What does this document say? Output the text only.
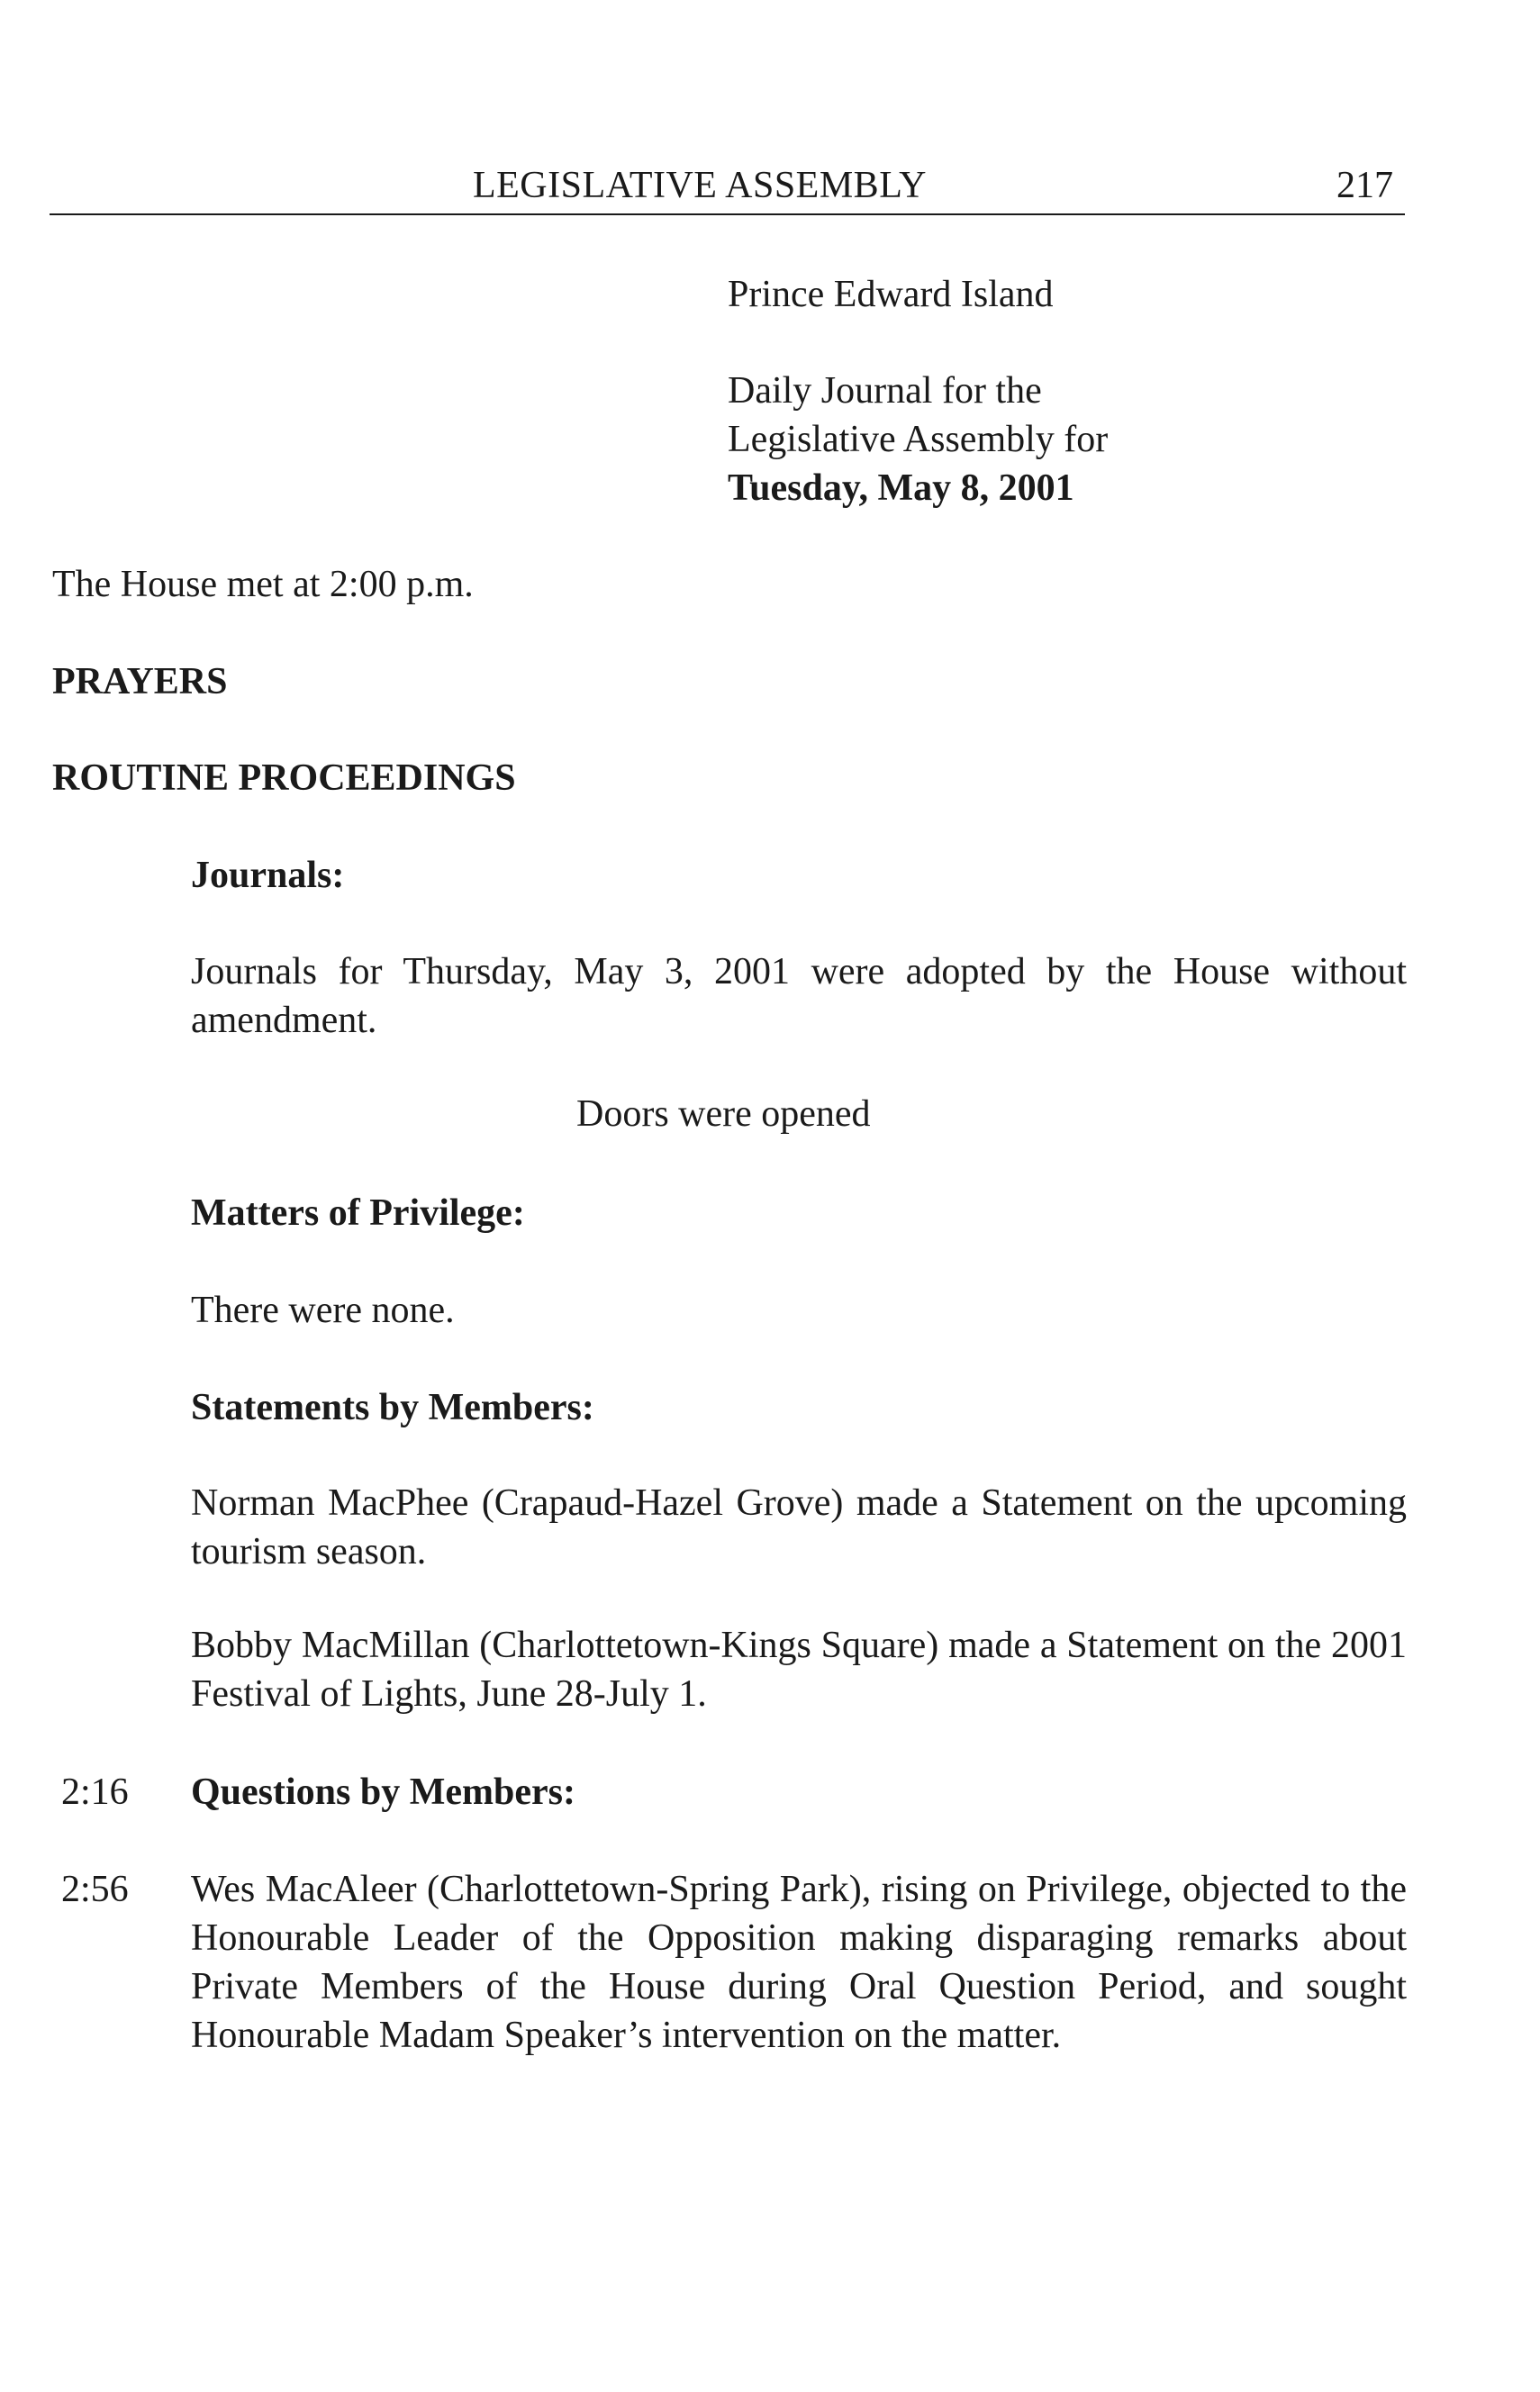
LEGISLATIVE ASSEMBLY	217
Prince Edward Island
Daily Journal for the
Legislative Assembly for
Tuesday, May 8, 2001
The House met at 2:00 p.m.
PRAYERS
ROUTINE PROCEEDINGS
Journals:

Journals for Thursday, May 3, 2001 were adopted by the House without amendment.

Doors were opened
Matters of Privilege:
There were none.
Statements by Members:

Norman MacPhee (Crapaud-Hazel Grove) made a Statement on the upcoming tourism season.

Bobby MacMillan (Charlottetown-Kings Square) made a Statement on the 2001 Festival of Lights, June 28-July 1.

2:16 Questions by Members:
2:56 Wes MacAleer (Charlottetown-Spring Park), rising on Privilege, objected to the Honourable Leader of the Opposition making disparaging remarks about Private Members of the House during Oral Question Period, and sought Honourable Madam Speaker’s intervention on the matter.
